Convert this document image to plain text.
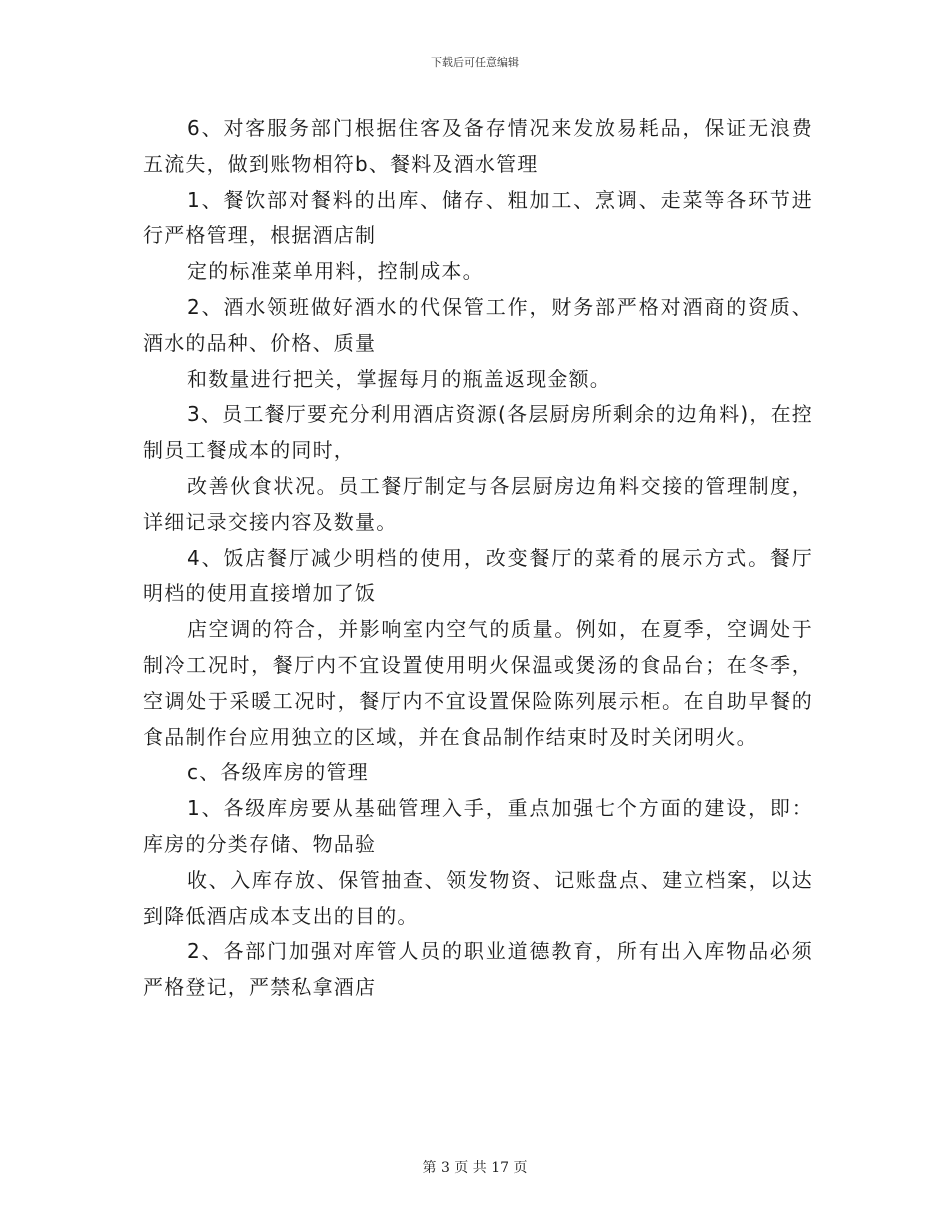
下载后可任意编辑

6、对客服务部门根据住客及备存情况来发放易耗品，保证无浪费五流失，做到账物相符b、餐料及酒水管理

1、餐饮部对餐料的出库、储存、粗加工、烹调、走菜等各环节进行严格管理，根据酒店制

定的标准菜单用料，控制成本。

2、酒水领班做好酒水的代保管工作，财务部严格对酒商的资质、酒水的品种、价格、质量

和数量进行把关，掌握每月的瓶盖返现金额。

3、员工餐厅要充分利用酒店资源(各层厨房所剩余的边角料)，在控制员工餐成本的同时，

改善伙食状况。员工餐厅制定与各层厨房边角料交接的管理制度，详细记录交接内容及数量。

4、饭店餐厅减少明档的使用，改变餐厅的菜肴的展示方式。餐厅明档的使用直接增加了饭

店空调的符合，并影响室内空气的质量。例如，在夏季，空调处于制冷工况时，餐厅内不宜设置使用明火保温或煲汤的食品台；在冬季，空调处于采暖工况时，餐厅内不宜设置保险陈列展示柜。在自助早餐的食品制作台应用独立的区域，并在食品制作结束时及时关闭明火。

c、各级库房的管理

1、各级库房要从基础管理入手，重点加强七个方面的建设，即：库房的分类存储、物品验

收、入库存放、保管抽查、领发物资、记账盘点、建立档案，以达到降低酒店成本支出的目的。

2、各部门加强对库管人员的职业道德教育，所有出入库物品必须严格登记，严禁私拿酒店

第 3 页 共 17 页
